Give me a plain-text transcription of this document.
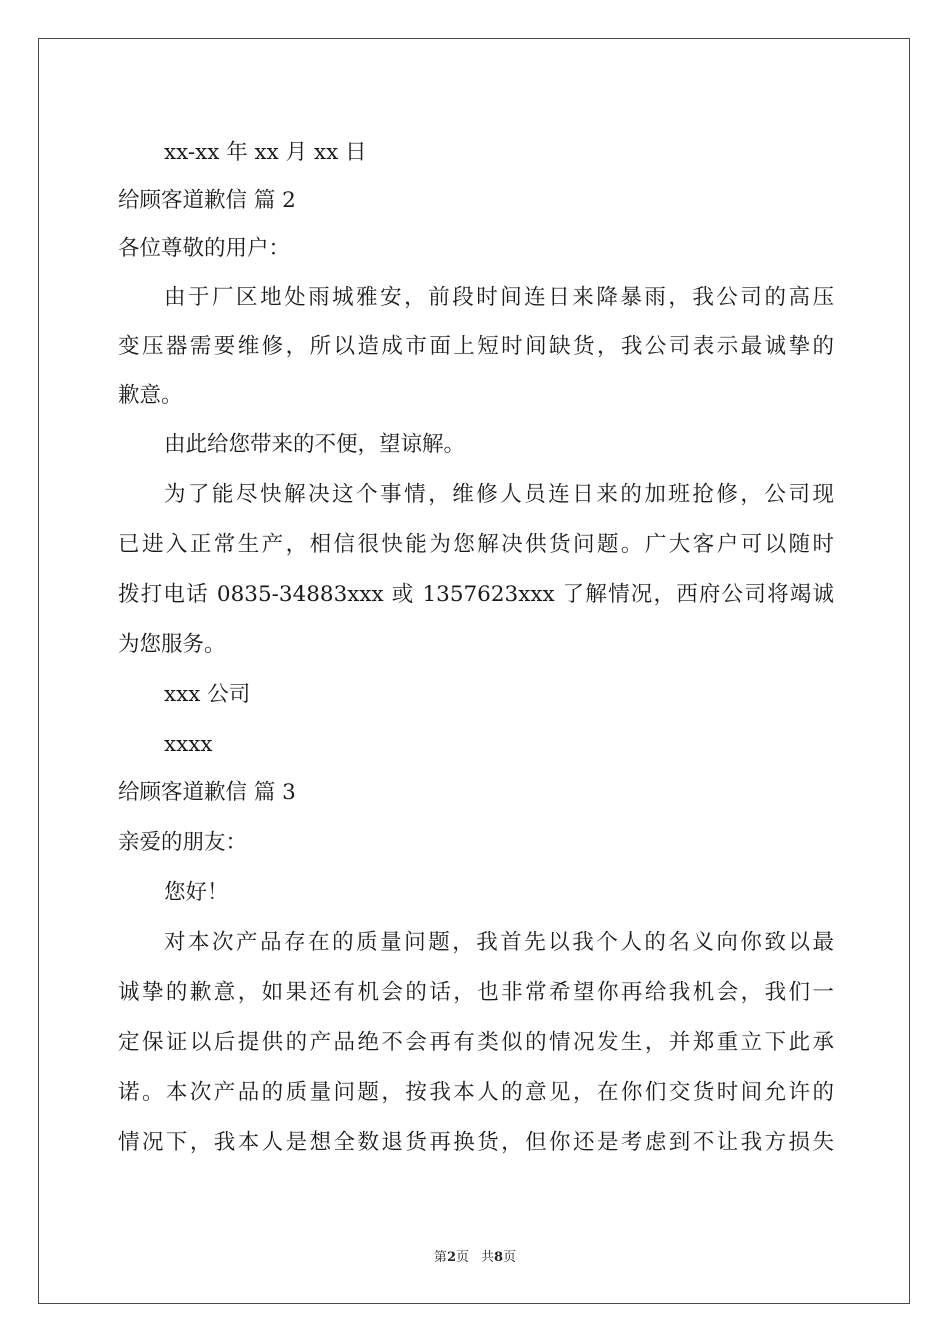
xx-xx 年 xx 月 xx 日
给顾客道歉信 篇 2
各位尊敬的用户：
由于厂区地处雨城雅安，前段时间连日来降暴雨，我公司的高压
变压器需要维修，所以造成市面上短时间缺货，我公司表示最诚挚的
歉意。
由此给您带来的不便，望谅解。
为了能尽快解决这个事情，维修人员连日来的加班抢修，公司现
已进入正常生产，相信很快能为您解决供货问题。广大客户可以随时
拨打电话 0835-34883xxx 或 1357623xxx 了解情况，西府公司将竭诚
为您服务。
xxx 公司
xxxx
给顾客道歉信 篇 3
亲爱的朋友：
您好！
对本次产品存在的质量问题，我首先以我个人的名义向你致以最
诚挚的歉意，如果还有机会的话，也非常希望你再给我机会，我们一
定保证以后提供的产品绝不会再有类似的情况发生，并郑重立下此承
诺。本次产品的质量问题，按我本人的意见，在你们交货时间允许的
情况下，我本人是想全数退货再换货，但你还是考虑到不让我方损失
第2页 共8页
